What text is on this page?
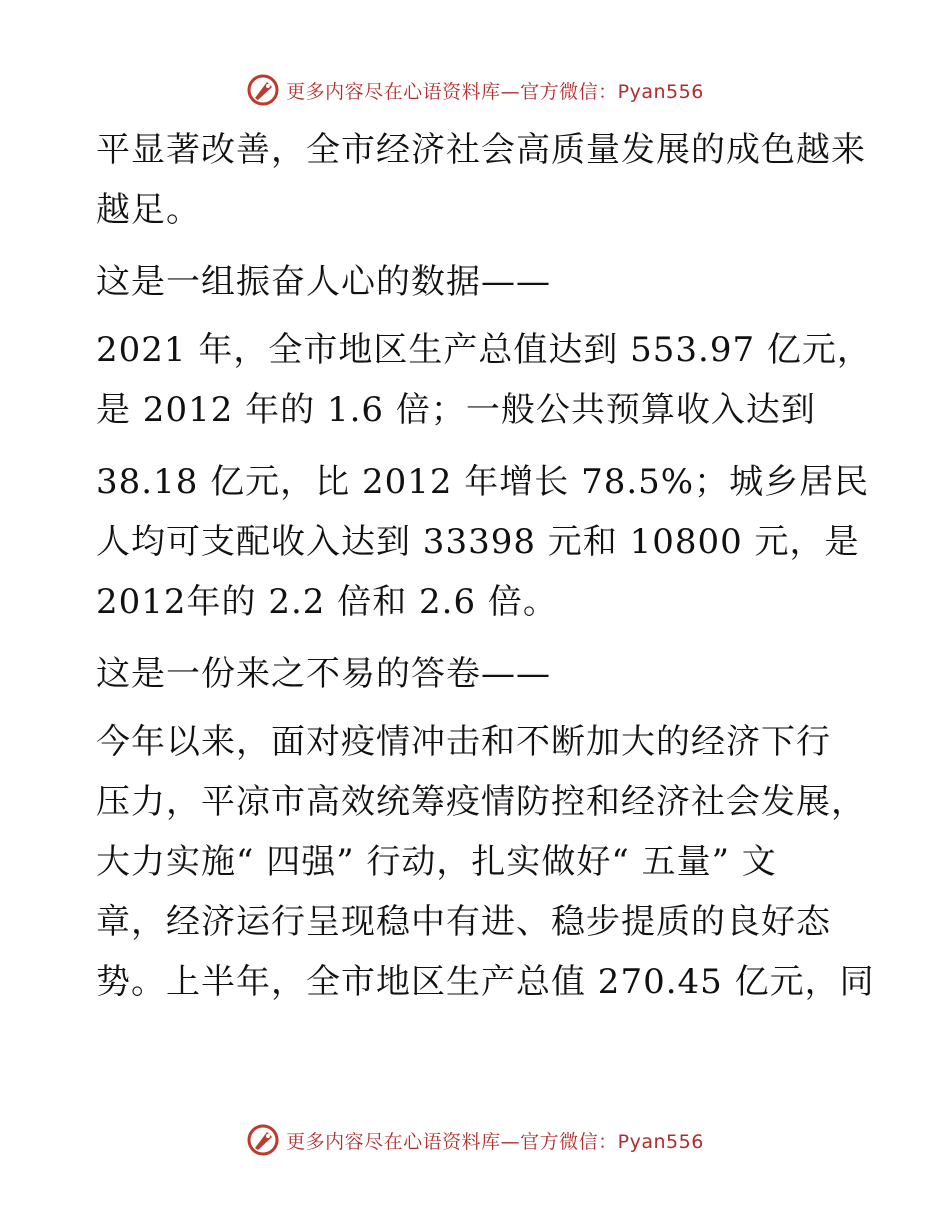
更多内容尽在心语资料库—官方微信：Pyan556
平显著改善，全市经济社会高质量发展的成色越来
越足。
这是一组振奋人心的数据——
2021 年，全市地区生产总值达到 553.97 亿元，
是 2012 年的 1.6 倍；一般公共预算收入达到
38.18 亿元，比 2012 年增长 78.5%；城乡居民
人均可支配收入达到 33398 元和 10800 元，是
2012年的 2.2 倍和 2.6 倍。
这是一份来之不易的答卷——
今年以来，面对疫情冲击和不断加大的经济下行
压力，平凉市高效统筹疫情防控和经济社会发展，
大力实施“ 四强” 行动，扎实做好“ 五量” 文
章，经济运行呈现稳中有进、稳步提质的良好态
势。上半年，全市地区生产总值 270.45 亿元，同
更多内容尽在心语资料库—官方微信：Pyan556
